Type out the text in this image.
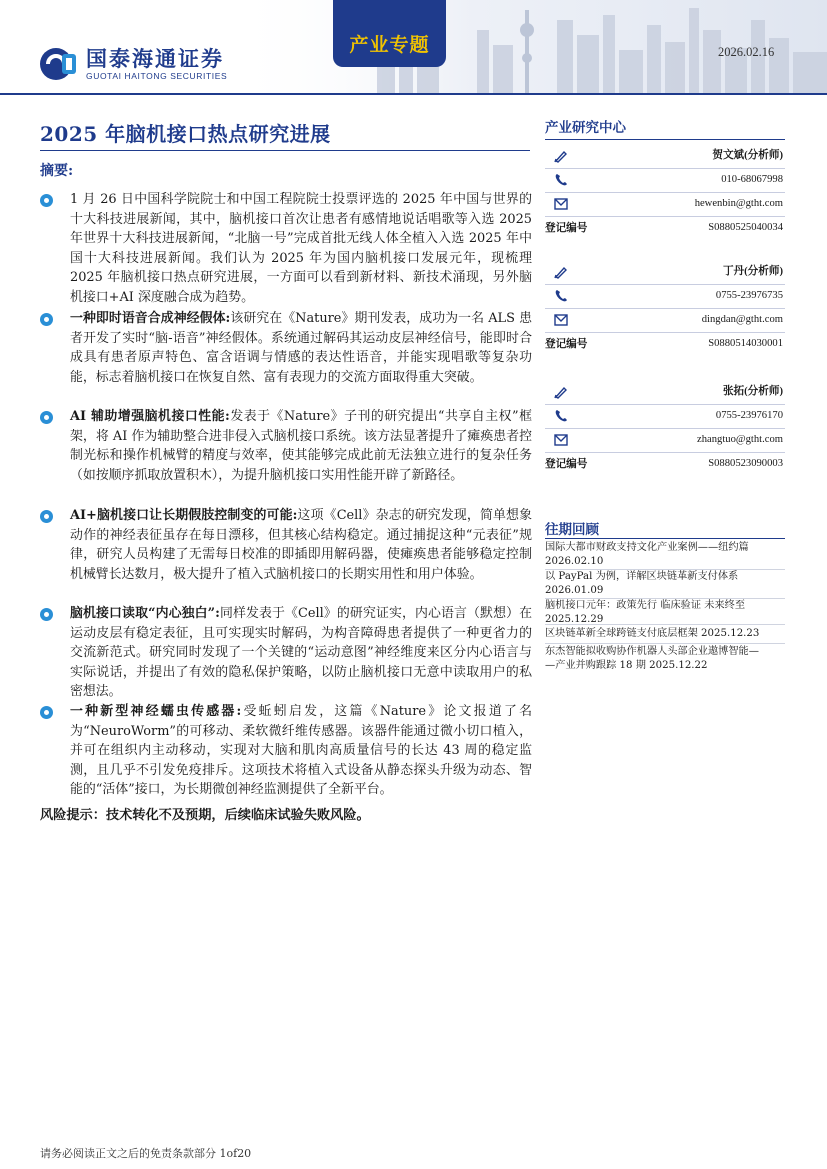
国泰海通证券
GUOTAI HAITONG SECURITIES
产业专题	2026.02.16
2025 年脑机接口热点研究进展
摘要:
1 月 26 日中国科学院院士和中国工程院院士投票评选的 2025 年中国与世界的十大科技进展新闻，其中，脑机接口首次让患者有感情地说话唱歌等入选 2025 年世界十大科技进展新闻，“北脑一号”完成首批无线人体全植入入选 2025 年中国十大科技进展新闻。我们认为 2025 年为国内脑机接口发展元年，现梳理 2025 年脑机接口热点研究进展，一方面可以看到新材料、新技术涌现，另外脑机接口+AI 深度融合成为趋势。
一种即时语音合成神经假体:该研究在《Nature》期刊发表，成功为一名 ALS 患者开发了实时“脑-语音”神经假体。系统通过解码其运动皮层神经信号，能即时合成具有患者原声特色、富含语调与情感的表达性语音，并能实现唱歌等复杂功能，标志着脑机接口在恢复自然、富有表现力的交流方面取得重大突破。
AI 辅助增强脑机接口性能:发表于《Nature》子刊的研究提出“共享自主权”框架，将 AI 作为辅助整合进非侵入式脑机接口系统。该方法显著提升了瘫痪患者控制光标和操作机械臂的精度与效率，使其能够完成此前无法独立进行的复杂任务（如按顺序抓取放置积木），为提升脑机接口实用性能开辟了新路径。
AI+脑机接口让长期假肢控制变的可能:这项《Cell》杂志的研究发现，简单想象动作的神经表征虽存在每日漂移，但其核心结构稳定。通过捕捉这种“元表征”规律，研究人员构建了无需每日校准的即插即用解码器，使瘫痪患者能够稳定控制机械臂长达数月，极大提升了植入式脑机接口的长期实用性和用户体验。
脑机接口读取“内心独白”:同样发表于《Cell》的研究证实，内心语言（默想）在运动皮层有稳定表征，且可实现实时解码，为构音障碍患者提供了一种更省力的交流新范式。研究同时发现了一个关键的“运动意图”神经维度来区分内心语言与实际说话，并提出了有效的隐私保护策略，以防止脑机接口无意中读取用户的私密想法。
一种新型神经蠕虫传感器:受蚯蚓启发，这篇《Nature》论文报道了名为“NeuroWorm”的可移动、柔软微纤维传感器。该器件能通过微小切口植入，并可在组织内主动移动，实现对大脑和肌肉高质量信号的长达 43 周的稳定监测，且几乎不引发免疫排斥。这项技术将植入式设备从静态探头升级为动态、智能的“活体”接口，为长期微创神经监测提供了全新平台。
风险提示：技术转化不及预期，后续临床试验失败风险。
产业研究中心
贺文斌(分析师)
010-68067998
hewenbin@gtht.com
登记编号	S0880525040034
丁丹(分析师)
0755-23976735
dingdan@gtht.com
登记编号	S0880514030001
张拓(分析师)
0755-23976170
zhangtuo@gtht.com
登记编号	S0880523090003
往期回顾
国际大都市财政支持文化产业案例——纽约篇
2026.02.10
以 PayPal 为例，详解区块链革新支付体系
2026.01.09
脑机接口元年：政策先行 临床验证 未来终至
2025.12.29
区块链革新全球跨链支付底层框架 2025.12.23
东杰智能拟收购协作机器人头部企业遨博智能—
—产业并购跟踪 18 期 2025.12.22
请务必阅读正文之后的免责条款部分 1of20
